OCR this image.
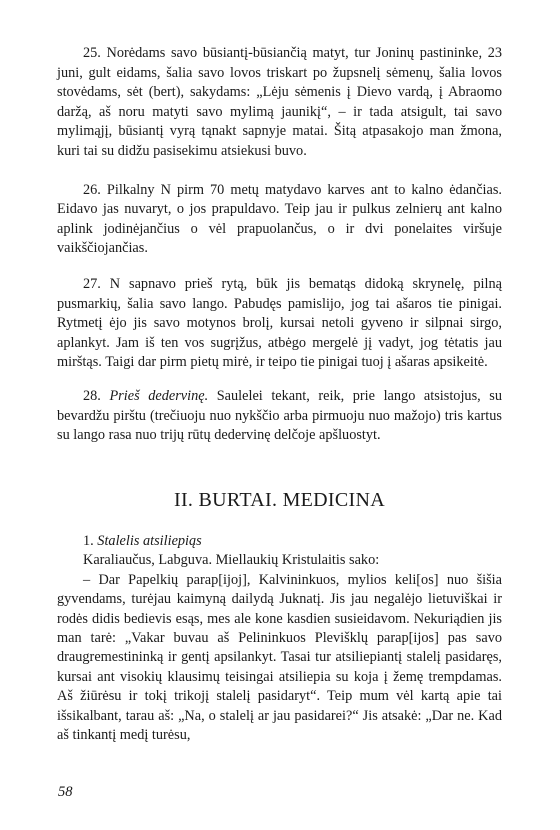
25. Norėdams savo būsiantį-būsiančią matyt, tur Joninų pastininke, 23 juni, gult eidams, šalia savo lovos triskart po župsnelį sėmenų, šalia lovos stovėdams, sėt (bert), sakydams: „Lėju sėmenis į Dievo vardą, į Abraomo daržą, aš noru matyti savo mylimą jaunikį“, – ir tada atsigult, tai savo mylimąjį, būsiantį vyrą tąnakt sapnyje matai. Šitą atpasakojo man žmona, kuri tai su didžu pasisekimu atsiekusi buvo.

26. Pilkalny N pirm 70 metų matydavo karves ant to kalno ėdančias. Eidavo jas nuvaryt, o jos prapuldavo. Teip jau ir pulkus zelnierų ant kalno aplink jodinėjančius o vėl prapuolančus, o ir dvi ponelaites viršuje vaikščiojančias.

27. N sapnavo prieš rytą, būk jis bematąs didoką skrynelę, pilną pusmarkių, šalia savo lango. Pabudęs pamislijo, jog tai ašaros tie pinigai. Rytmetį ėjo jis savo motynos brolį, kursai netoli gyveno ir silpnai sirgo, aplankyt. Jam iš ten vos sugrįžus, atbėgo mergelė jį vadyt, jog tėtatis jau mirštąs. Taigi dar pirm pietų mirė, ir teipo tie pinigai tuoj į ašaras apsikeitė.

28. Prieš dedervinę. Saulelei tekant, reik, prie lango atsistojus, su bevardžu pirštu (trečiuoju nuo nykščio arba pirmuoju nuo mažojo) tris kartus su lango rasa nuo trijų rūtų dedervinę delčoje apšluostyt.

II. BURTAI. MEDICINA

1. Stalelis atsiliepiąs

Karaliaučus, Labguva. Miellaukių Kristulaitis sako:

– Dar Papelkių parap[ijoj], Kalvininkuos, mylios keli[os] nuo šišia gyvendams, turėjau kaimyną dailydą Juknatį. Jis jau negalėjo lietuviškai ir rodės didis bedievis esąs, mes ale kone kasdien susieidavom. Nekuriądien jis man tarė: „Vakar buvau aš Pelininkuos Plevišklų parap[ijos] pas savo draugremestininką ir gentį apsilankyt. Tasai tur atsiliepiantį stalelį pasidaręs, kursai ant visokių klausimų teisingai atsiliepia su koja į žemę trempdamas. Aš žiūrėsu ir tokį trikojį stalelį pasidaryt“. Teip mum vėl kartą apie tai išsikalbant, tarau aš: „Na, o stalelį ar jau pasidarei?“ Jis atsakė: „Dar ne. Kad aš tinkantį medį turėsu,

58
